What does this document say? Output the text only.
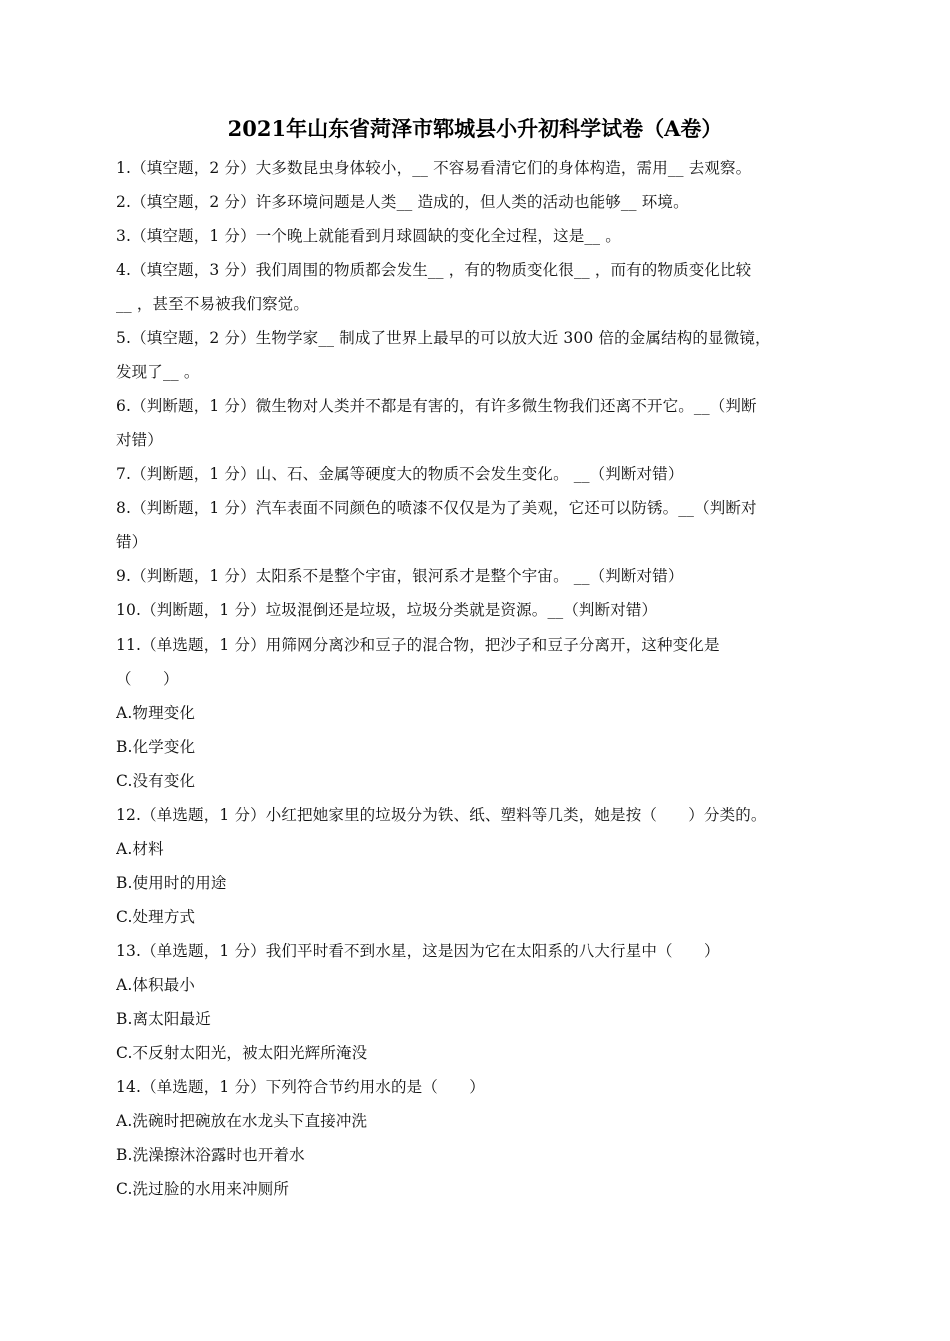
2021年山东省菏泽市郓城县小升初科学试卷（A卷）
1.（填空题，2 分）大多数昆虫身体较小，__ 不容易看清它们的身体构造，需用__ 去观察。
2.（填空题，2 分）许多环境问题是人类__ 造成的，但人类的活动也能够__ 环境。
3.（填空题，1 分）一个晚上就能看到月球圆缺的变化全过程，这是__ 。
4.（填空题，3 分）我们周围的物质都会发生__ ，有的物质变化很__ ，而有的物质变化比较
__ ，甚至不易被我们察觉。
5.（填空题，2 分）生物学家__ 制成了世界上最早的可以放大近 300 倍的金属结构的显微镜，
发现了__ 。
6.（判断题，1 分）微生物对人类并不都是有害的，有许多微生物我们还离不开它。__（判断
对错）
7.（判断题，1 分）山、石、金属等硬度大的物质不会发生变化。 __（判断对错）
8.（判断题，1 分）汽车表面不同颜色的喷漆不仅仅是为了美观，它还可以防锈。__（判断对
错）
9.（判断题，1 分）太阳系不是整个宇宙，银河系才是整个宇宙。 __（判断对错）
10.（判断题，1 分）垃圾混倒还是垃圾，垃圾分类就是资源。__（判断对错）
11.（单选题，1 分）用筛网分离沙和豆子的混合物，把沙子和豆子分离开，这种变化是
（　　）
A.物理变化
B.化学变化
C.没有变化
12.（单选题，1 分）小红把她家里的垃圾分为铁、纸、塑料等几类，她是按（　　）分类的。
A.材料
B.使用时的用途
C.处理方式
13.（单选题，1 分）我们平时看不到水星，这是因为它在太阳系的八大行星中（　　）
A.体积最小
B.离太阳最近
C.不反射太阳光，被太阳光辉所淹没
14.（单选题，1 分）下列符合节约用水的是（　　）
A.洗碗时把碗放在水龙头下直接冲洗
B.洗澡擦沐浴露时也开着水
C.洗过脸的水用来冲厕所
